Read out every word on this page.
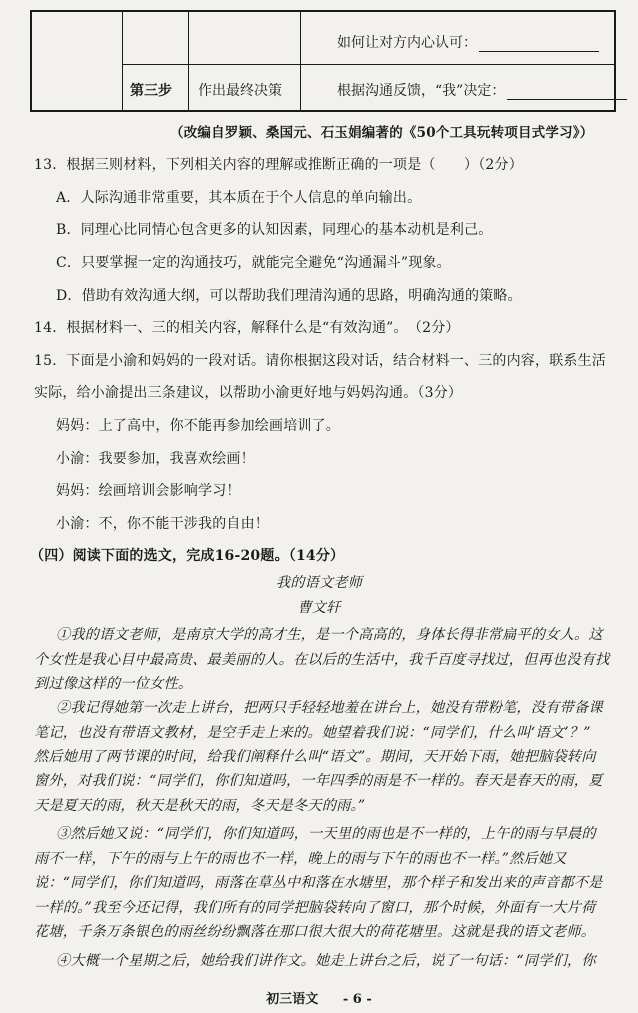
如何让对方内心认可：
第三步 作出最终决策	根据沟通反馈，“我”决定：
（改编自罗颖、桑国元、石玉娟编著的《50个工具玩转项目式学习》）
13．根据三则材料，下列相关内容的理解或推断正确的一项是（　　）（2分）
A．人际沟通非常重要，其本质在于个人信息的单向输出。
B．同理心比同情心包含更多的认知因素，同理心的基本动机是利己。
C．只要掌握一定的沟通技巧，就能完全避免“沟通漏斗”现象。
D．借助有效沟通大纲，可以帮助我们理清沟通的思路，明确沟通的策略。
14．根据材料一、三的相关内容，解释什么是“有效沟通”。　（2分）
15．下面是小渝和妈妈的一段对话。请你根据这段对话，结合材料一、三的内容，联系生活
实际，给小渝提出三条建议，以帮助小渝更好地与妈妈沟通。（3分）
妈妈：上了高中，你不能再参加绘画培训了。
小渝：我要参加，我喜欢绘画！
妈妈：绘画培训会影响学习！
小渝：不，你不能干涉我的自由！
（四）阅读下面的选文，完成16-20题。（14分）
我的语文老师
曹文轩
①我的语文老师，是南京大学的高才生，是一个高高的，身体长得非常扁平的女人。这
个女性是我心目中最高贵、最美丽的人。在以后的生活中，我千百度寻找过，但再也没有找
到过像这样的一位女性。
②我记得她第一次走上讲台，把两只手轻轻地羞在讲台上，她没有带粉笔，没有带备课
笔记，也没有带语文教材，是空手走上来的。她望着我们说：“同学们，什么叫‘语文’？”
然后她用了两节课的时间，给我们阐释什么叫“语文”。期间，天开始下雨，她把脑袋转向
窗外，对我们说：“同学们，你们知道吗，一年四季的雨是不一样的。春天是春天的雨，夏
天是夏天的雨，秋天是秋天的雨，冬天是冬天的雨。”
③然后她又说：“同学们，你们知道吗，一天里的雨也是不一样的，上午的雨与早晨的
雨不一样，下午的雨与上午的雨也不一样，晚上的雨与下午的雨也不一样。”然后她又
说：“同学们，你们知道吗，雨落在草丛中和落在水塘里，那个样子和发出来的声音都不是
一样的。”我至今还记得，我们所有的同学把脑袋转向了窗口，那个时候，外面有一大片荷
花塘，千条万条银色的雨丝纷纷飘落在那口很大很大的荷花塘里。这就是我的语文老师。
④大概一个星期之后，她给我们讲作文。她走上讲台之后，说了一句话：“同学们，你
初三语文 - 6 -
